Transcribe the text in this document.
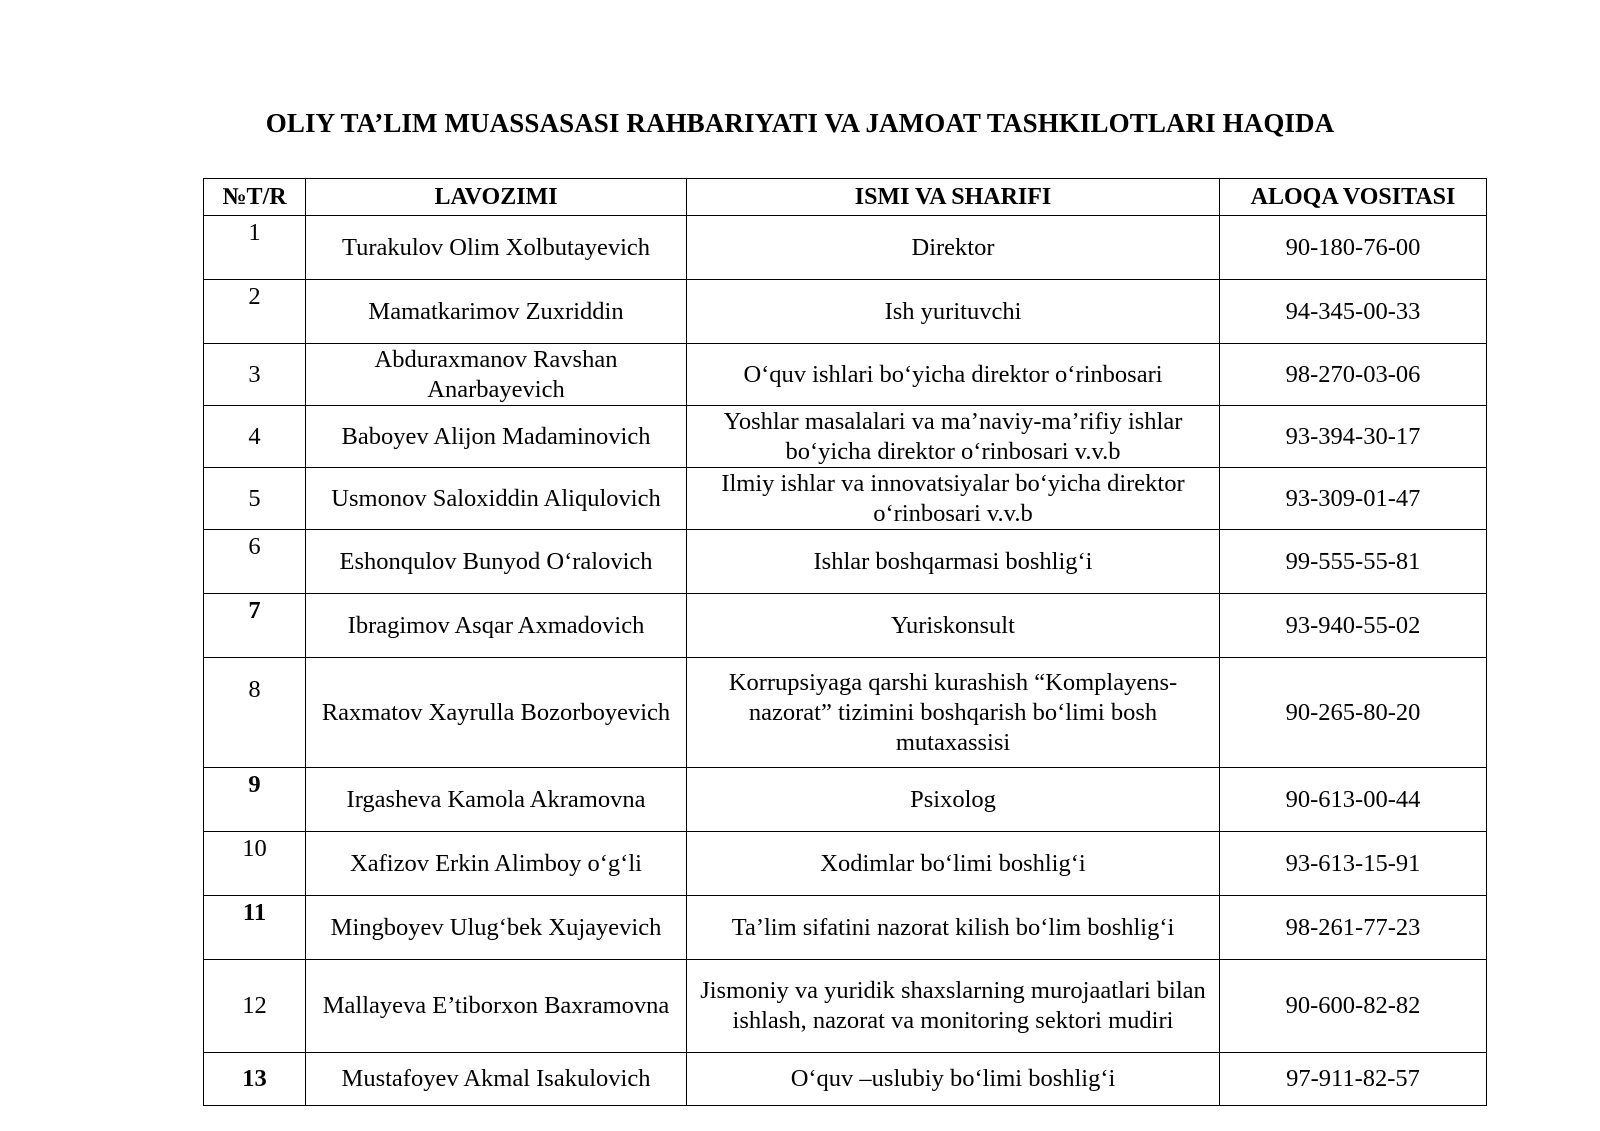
OLIY TA’LIM MUASSASASI RAHBARIYATI VA JAMOAT TASHKILOTLARI HAQIDA
№T/R	LAVOZIMI	ISMI VA SHARIFI	ALOQA VOSITASI
1	Turakulov Olim Xolbutayevich	Direktor	90-180-76-00
2	Mamatkarimov Zuxriddin	Ish yurituvchi	94-345-00-33
3	Abduraxmanov Ravshan Anarbayevich	O‘quv ishlari bo‘yicha direktor o‘rinbosari	98-270-03-06
4	Baboyev Alijon Madaminovich	Yoshlar masalalari va ma’naviy-ma’rifiy ishlar bo‘yicha direktor o‘rinbosari v.v.b	93-394-30-17
5	Usmonov Saloxiddin Aliqulovich	Ilmiy ishlar va innovatsiyalar bo‘yicha direktor o‘rinbosari v.v.b	93-309-01-47
6	Eshonqulov Bunyod O‘ralovich	Ishlar boshqarmasi boshlig‘i	99-555-55-81
7	Ibragimov Asqar Axmadovich	Yuriskonsult	93-940-55-02
8	Raxmatov Xayrulla Bozorboyevich	Korrupsiyaga qarshi kurashish “Komplayens-nazorat” tizimini boshqarish bo‘limi bosh mutaxassisi	90-265-80-20
9	Irgasheva Kamola Akramovna	Psixolog	90-613-00-44
10	Xafizov Erkin Alimboy o‘g‘li	Xodimlar bo‘limi boshlig‘i	93-613-15-91
11	Mingboyev Ulug‘bek Xujayevich	Ta’lim sifatini nazorat kilish bo‘lim boshlig‘i	98-261-77-23
12	Mallayeva E’tiborxon Baxramovna	Jismoniy va yuridik shaxslarning murojaatlari bilan ishlash, nazorat va monitoring sektori mudiri	90-600-82-82
13	Mustafoyev Akmal Isakulovich	O‘quv –uslubiy bo‘limi boshlig‘i	97-911-82-57
